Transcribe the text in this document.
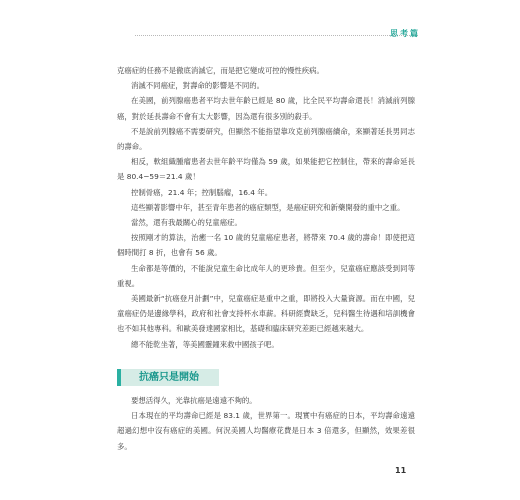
思考篇

克癌症的任務不是徹底消滅它，而是把它變成可控的慢性疾病。

消滅不同癌症，對壽命的影響是不同的。

在美國，前列腺癌患者平均去世年齡已經是 80 歲，比全民平均壽命還長！消滅前列腺癌，對於延長壽命不會有太大影響，因為還有很多別的殺手。

不是說前列腺癌不需要研究，但顯然不能指望靠攻克前列腺癌續命，來顯著延長男同志的壽命。

相反，軟組織腫瘤患者去世年齡平均僅為 59 歲，如果能把它控制住，帶來的壽命延長是 80.4−59＝21.4 歲！

控制骨癌，21.4 年；控制腦瘤，16.4 年。

這些顯著影響中年，甚至青年患者的癌症類型，是癌症研究和新藥開發的重中之重。

當然，還有我最關心的兒童癌症。

按照剛才的算法，治癒一名 10 歲的兒童癌症患者，將帶來 70.4 歲的壽命！即使把這個時間打 8 折，也會有 56 歲。

生命都是等價的，不能說兒童生命比成年人的更珍貴。但至少，兒童癌症應該受到同等重視。

美國最新“抗癌登月計劃”中，兒童癌症是重中之重，即將投入大量資源。而在中國，兒童癌症仍是邊緣學科，政府和社會支持杯水車薪。科研經費缺乏，兒科醫生待遇和培訓機會也不如其他專科。和歐美發達國家相比，基礎和臨床研究差距已經越來越大。

總不能乾坐著，等美國靈鐘來救中國孩子吧。

抗癌只是開始

要想活得久，光靠抗癌是遠遠不夠的。

日本現在的平均壽命已經是 83.1 歲，世界第一。現實中有癌症的日本，平均壽命遠遠超過幻想中沒有癌症的美國。何況美國人均醫療花費是日本 3 倍還多，但顯然，效果差很多。

11
